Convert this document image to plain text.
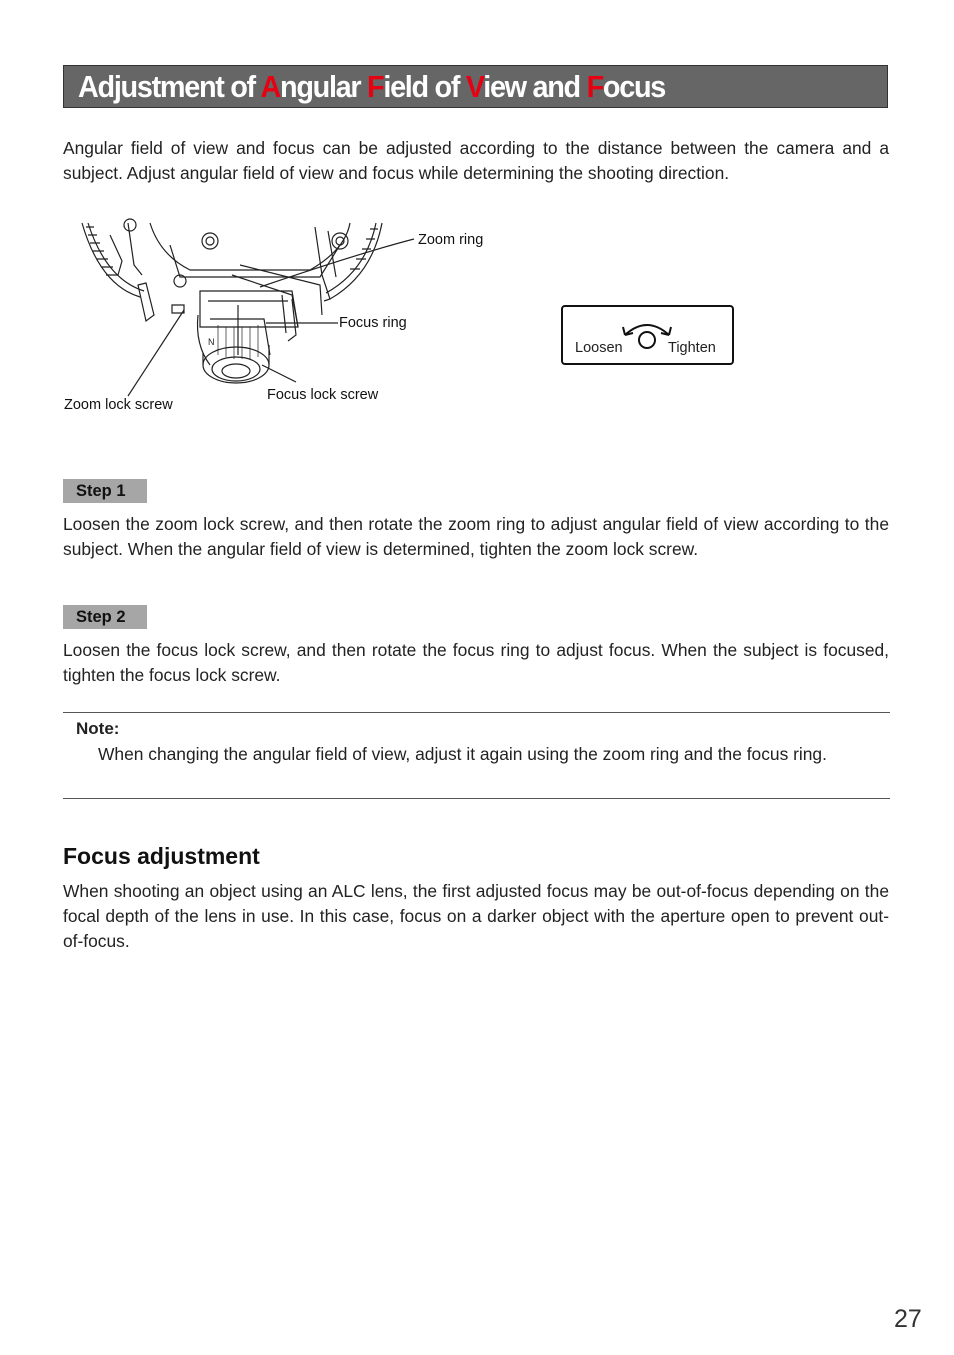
Adjustment of Angular Field of View and Focus

Angular field of view and focus can be adjusted according to the distance between the camera and a subject. Adjust angular field of view and focus while determining the shooting direction.

N
Zoom ring
Focus ring
Focus lock screw
Zoom lock screw
Loosen	Tighten
Step 1

Loosen the zoom lock screw, and then rotate the zoom ring to adjust angular field of view according to the subject. When the angular field of view is determined, tighten the zoom lock screw.

Step 2

Loosen the focus lock screw, and then rotate the focus ring to adjust focus. When the subject is focused, tighten the focus lock screw.

Note:

When changing the angular field of view, adjust it again using the zoom ring and the focus ring.

Focus adjustment

When shooting an object using an ALC lens, the first adjusted focus may be out-of-focus depending on the focal depth of the lens in use. In this case, focus on a darker object with the aperture open to prevent out-of-focus.

27
